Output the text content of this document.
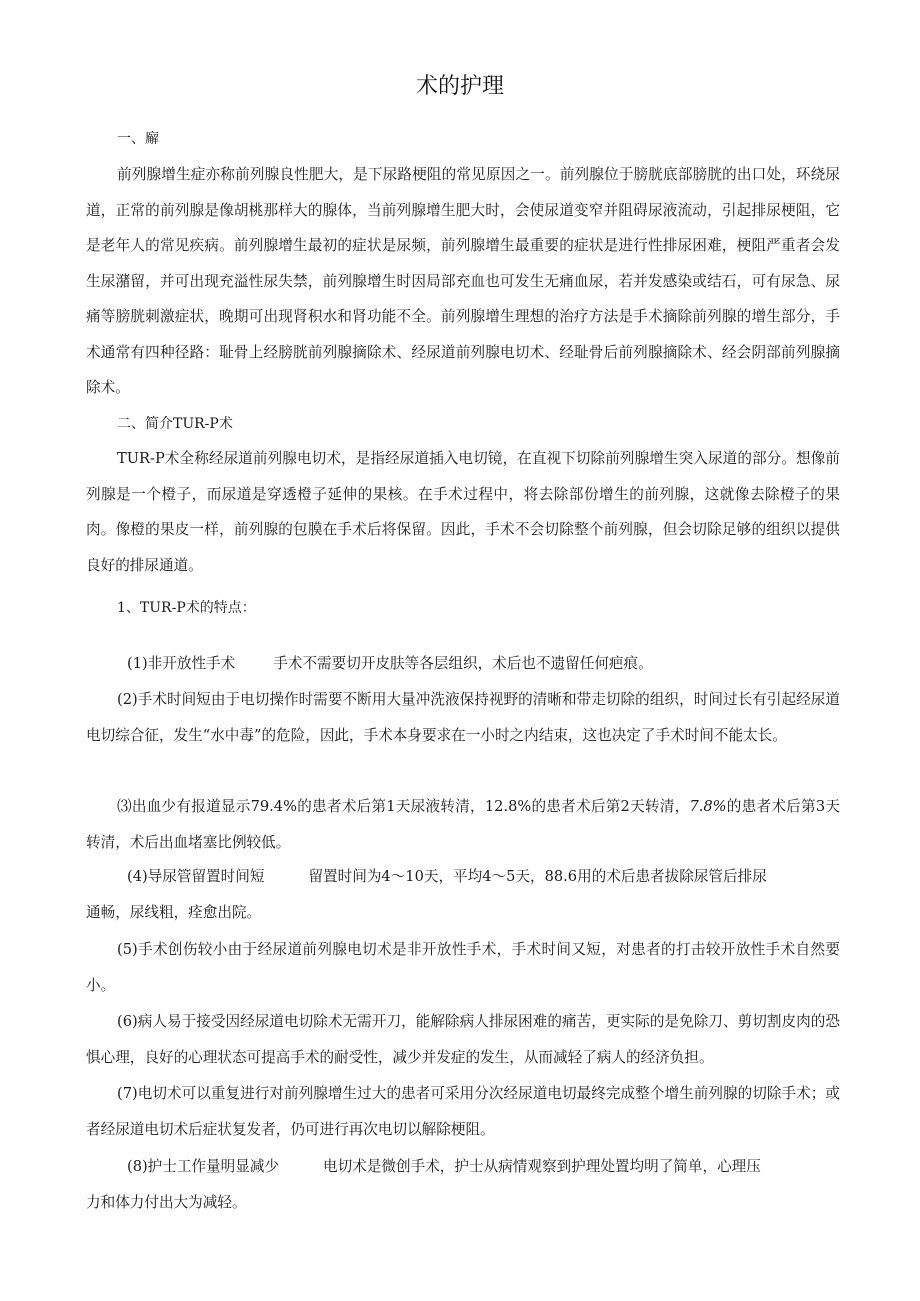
术的护理
一、廨

前列腺增生症亦称前列腺良性肥大，是下尿路梗阻的常见原因之一。前列腺位于膀胱底部膀胱的出口处，环绕尿道，正常的前列腺是像胡桃那样大的腺体，当前列腺增生肥大时，会使尿道变窄并阻碍尿液流动，引起排尿梗阻，它是老年人的常见疾病。前列腺增生最初的症状是尿频，前列腺增生最重要的症状是进行性排尿困难，梗阻严重者会发生尿潴留，并可出现充溢性尿失禁，前列腺增生时因局部充血也可发生无痛血尿，若并发感染或结石，可有尿急、尿痛等膀胱刺激症状，晚期可出现肾积水和肾功能不全。前列腺增生理想的治疗方法是手术摘除前列腺的增生部分，手术通常有四种径路：耻骨上经膀胱前列腺摘除术、经尿道前列腺电切术、经耻骨后前列腺摘除术、经会阴部前列腺摘除术。

二、简介TUR-P术

TUR-P术全称经尿道前列腺电切术，是指经尿道插入电切镜，在直视下切除前列腺增生突入尿道的部分。想像前列腺是一个橙子，而尿道是穿透橙子延伸的果核。在手术过程中，将去除部份增生的前列腺，这就像去除橙子的果肉。像橙的果皮一样，前列腺的包膜在手术后将保留。因此，手术不会切除整个前列腺，但会切除足够的组织以提供良好的排尿通道。

1、TUR-P术的特点：

(1)非开放性手术	手术不需要切开皮肤等各层组织，术后也不遗留任何疤痕。

(2)手术时间短由于电切操作时需要不断用大量冲洗液保持视野的清晰和带走切除的组织，时间过长有引起经尿道电切综合征，发生“水中毒”的危险，因此，手术本身要求在一小时之内结束，这也决定了手术时间不能太长。

⑶出血少有报道显示79.4%的患者术后第1天尿液转清，12.8%的患者术后第2天转清，7.8%的患者术后第3天转清，术后出血堵塞比例较低。

(4)导尿管留置时间短	留置时间为4～10天，平均4～5天，88.6用的术后患者拔除尿管后排尿

通畅，尿线粗，痊愈出院。

(5)手术创伤较小由于经尿道前列腺电切术是非开放性手术，手术时间又短，对患者的打击较开放性手术自然要小。

(6)病人易于接受因经尿道电切除术无需开刀，能解除病人排尿困难的痛苦，更实际的是免除刀、剪切割皮肉的恐惧心理，良好的心理状态可提高手术的耐受性，减少并发症的发生，从而减轻了病人的经济负担。

(7)电切术可以重复进行对前列腺增生过大的患者可采用分次经尿道电切最终完成整个增生前列腺的切除手术；或者经尿道电切术后症状复发者，仍可进行再次电切以解除梗阻。

(8)护士工作量明显减少	电切术是微创手术，护士从病情观察到护理处置均明了简单，心理压

力和体力付出大为减轻。
